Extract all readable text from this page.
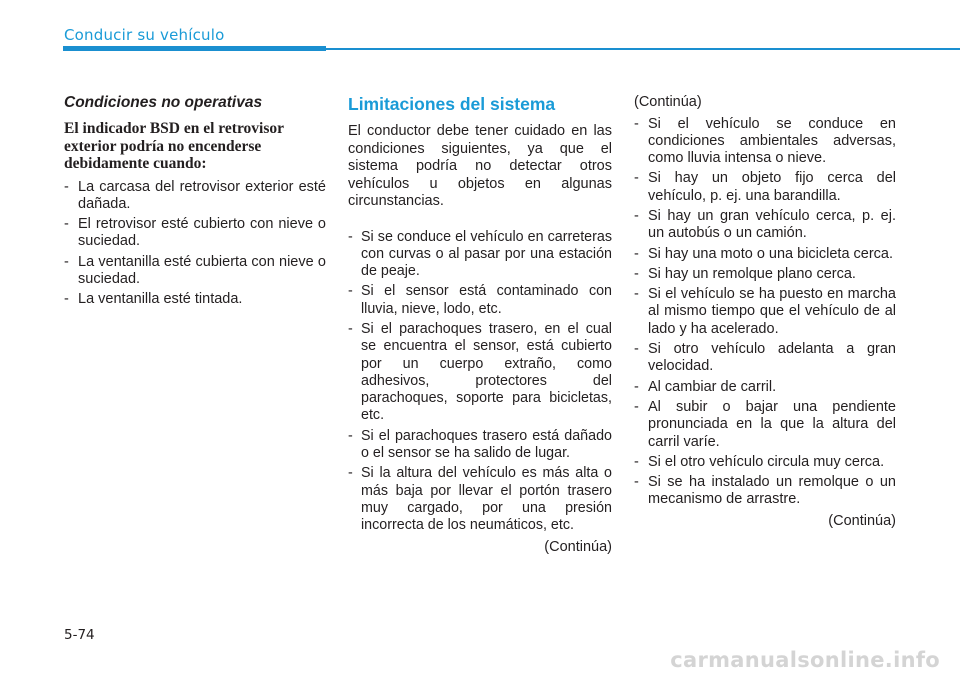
Conducir su vehículo
Condiciones no operativas
El indicador BSD en el retrovisor exterior podría no encenderse debidamente cuando:
- La carcasa del retrovisor exterior esté dañada.
- El retrovisor esté cubierto con nieve o suciedad.
- La ventanilla esté cubierta con nieve o suciedad.
- La ventanilla esté tintada.
Limitaciones del sistema
El conductor debe tener cuidado en las condiciones siguientes, ya que el sistema podría no detectar otros vehículos u objetos en algunas circunstancias.
- Si se conduce el vehículo en carreteras con curvas o al pasar por una estación de peaje.
- Si el sensor está contaminado con lluvia, nieve, lodo, etc.
- Si el parachoques trasero, en el cual se encuentra el sensor, está cubierto por un cuerpo extraño, como adhesivos, protectores del parachoques, soporte para bicicletas, etc.
- Si el parachoques trasero está dañado o el sensor se ha salido de lugar.
- Si la altura del vehículo es más alta o más baja por llevar el portón trasero muy cargado, por una presión incorrecta de los neumáticos, etc.
(Continúa)
(Continúa)
- Si el vehículo se conduce en condiciones ambientales adversas, como lluvia intensa o nieve.
- Si hay un objeto fijo cerca del vehículo, p. ej. una barandilla.
- Si hay un gran vehículo cerca, p. ej. un autobús o un camión.
- Si hay una moto o una bicicleta cerca.
- Si hay un remolque plano cerca.
- Si el vehículo se ha puesto en marcha al mismo tiempo que el vehículo de al lado y ha acelerado.
- Si otro vehículo adelanta a gran velocidad.
- Al cambiar de carril.
- Al subir o bajar una pendiente pronunciada en la que la altura del carril varíe.
- Si el otro vehículo circula muy cerca.
- Si se ha instalado un remolque o un mecanismo de arrastre.
(Continúa)
5-74
carmanualsonline.info
